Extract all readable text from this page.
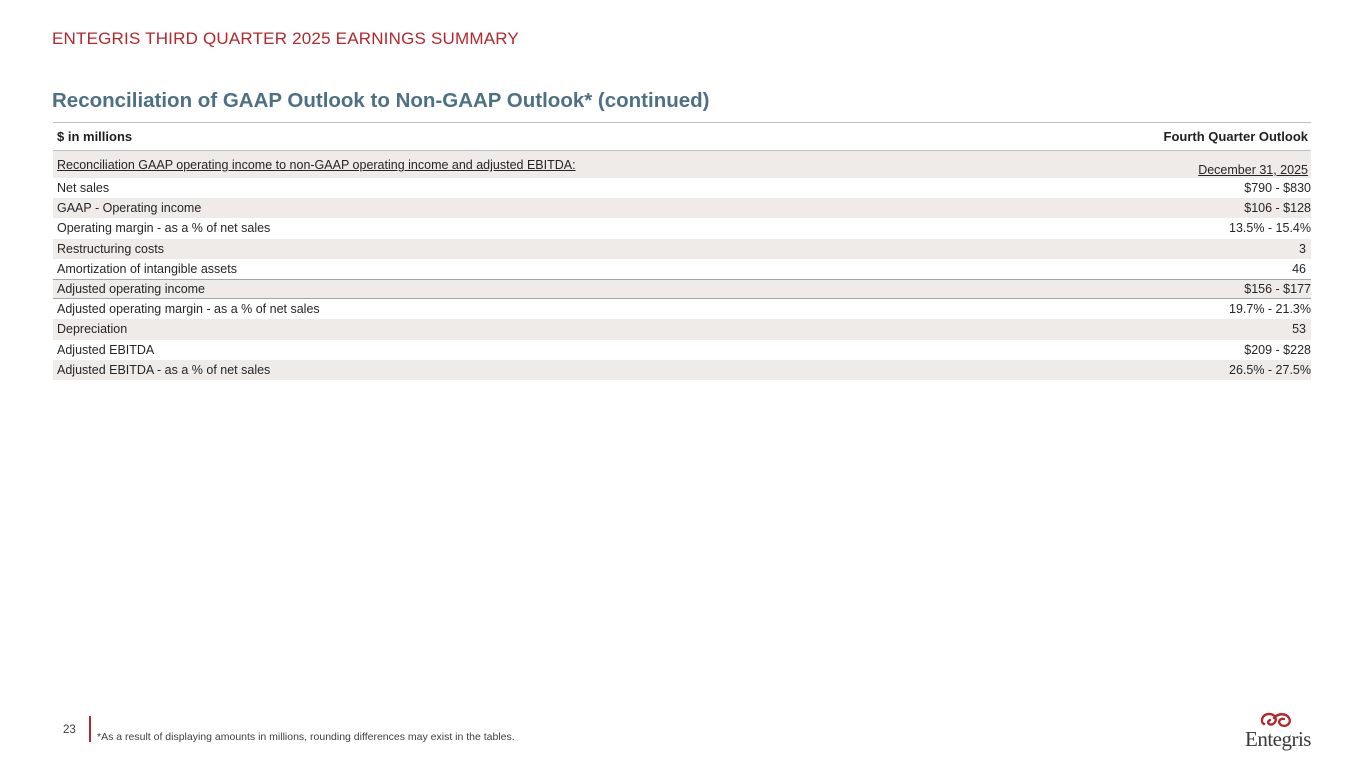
ENTEGRIS THIRD QUARTER 2025 EARNINGS SUMMARY
Reconciliation of GAAP Outlook to Non-GAAP Outlook* (continued)
$ in millions	Fourth Quarter Outlook
Reconciliation GAAP operating income to non-GAAP operating income and adjusted EBITDA:	December 31, 2025
Net sales	$790 - $830
GAAP - Operating income	$106 - $128
Operating margin - as a % of net sales	13.5% - 15.4%
Restructuring costs	3
Amortization of intangible assets	46
Adjusted operating income	$156 - $177
Adjusted operating margin - as a % of net sales	19.7% - 21.3%
Depreciation	53
Adjusted EBITDA	$209 - $228
Adjusted EBITDA - as a % of net sales	26.5% - 27.5%
23
*As a result of displaying amounts in millions, rounding differences may exist in the tables.	Entegris
